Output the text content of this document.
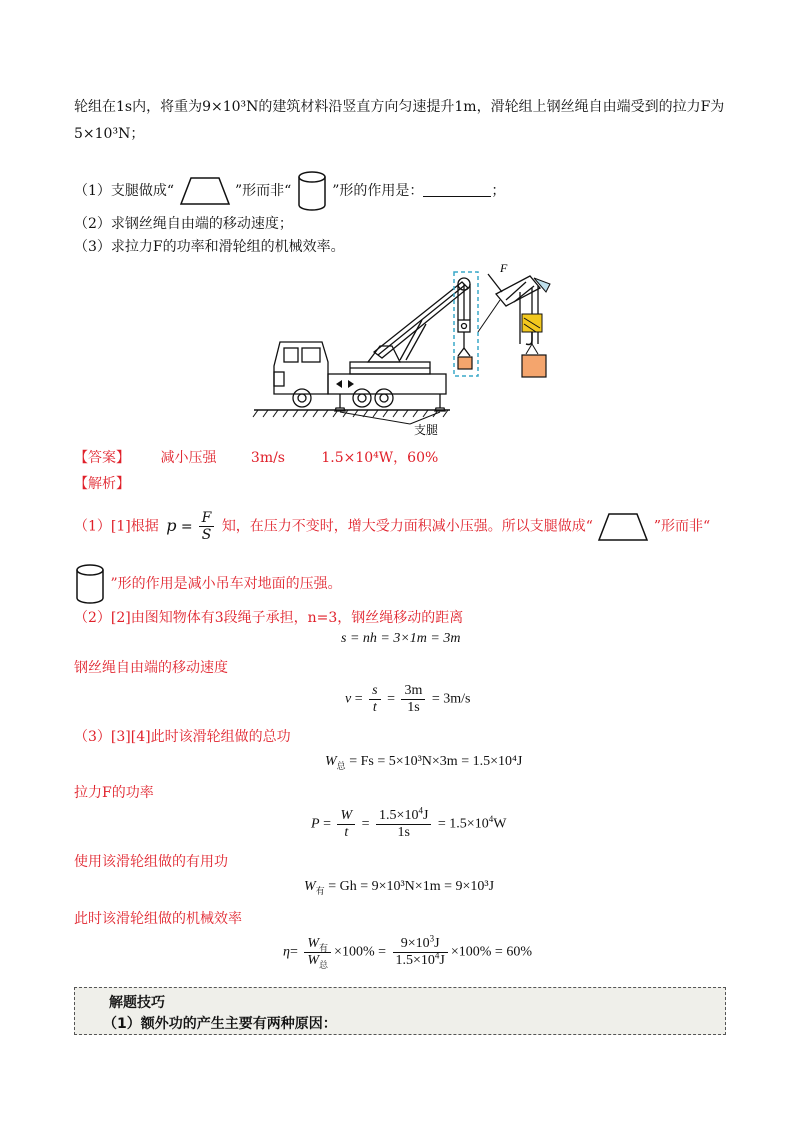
轮组在1s内，将重为9×10³N的建筑材料沿竖直方向匀速提升1m，滑轮组上钢丝绳自由端受到的拉力F为
5×10³N；
（1）支腿做成“	”形而非“	”形的作用是：	；
（2）求钢丝绳自由端的移动速度；
（3）求拉力F的功率和滑轮组的机械效率。
F
支腿
【答案】 减小压强 3m/s	1.5×10⁴W，60%
【解析】
（1）[1]根据 $p = \frac{F}{S}$ 知，在压力不变时，增大受力面积减小压强。所以支腿做成“	”形而非“
”形的作用是减小吊车对地面的压强。
（2）[2]由图知物体有3段绳子承担，n=3，钢丝绳移动的距离
s = nh = 3×1m = 3m
钢丝绳自由端的移动速度
$v = \frac{s}{t} = \frac{3m}{1s} = 3m/s$
（3）[3][4]此时该滑轮组做的总功
$W_总 = Fs = 5\times 10^3N\times 3m = 1.5\times 10^4J$
拉力F的功率
$P = \frac{W}{t} = \frac{1.5\times 10^4J}{1s} = 1.5\times 10^4W$
使用该滑轮组做的有用功
$W_有 = Gh = 9\times 10^3N\times 1m = 9\times 10^3J$
此时该滑轮组做的机械效率
$\eta= \frac{W_有}{W_总} \times 100\% = \frac{9\times 10^3J}{1.5\times 10^4J} \times 100\% = 60\%$
解题技巧
（1）额外功的产生主要有两种原因：
